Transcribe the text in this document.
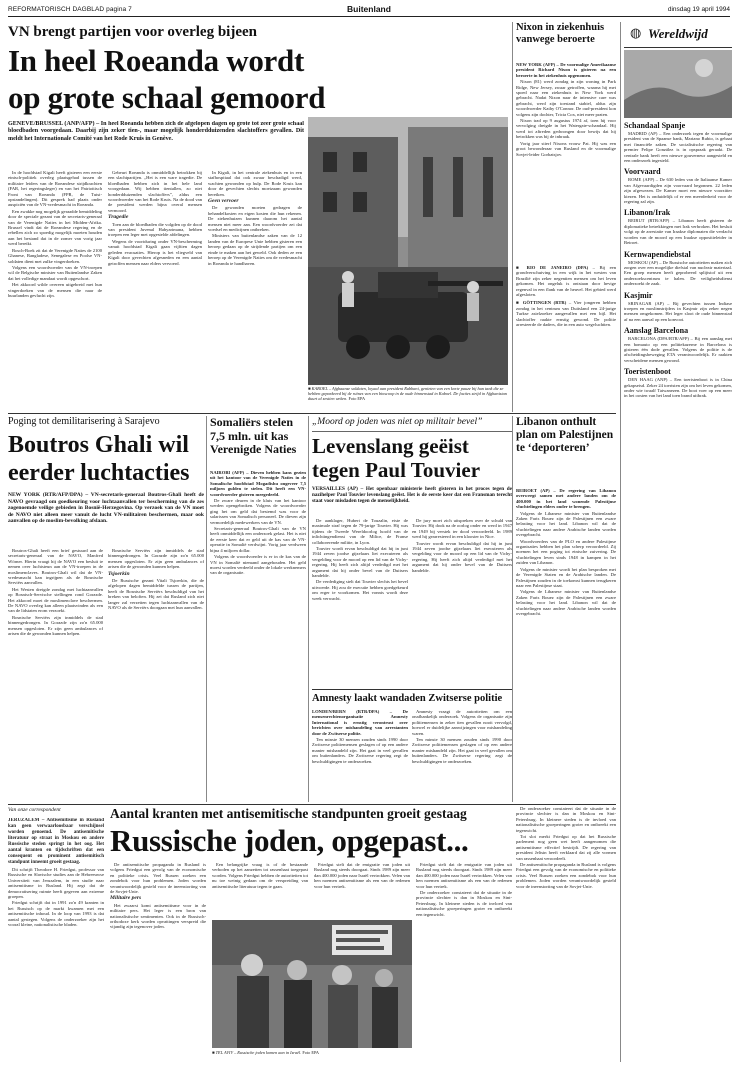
REFORMATORISCH DAGBLAD pagina 7	Buitenland	dinsdag 19 april 1994
VN brengt partijen voor overleg bijeen
In heel Roeanda wordt
op grote schaal gemoord
GENÈVE/BRUSSEL (ANP/AFP) – In heel Roeanda hebben zich de afgelopen dagen op grote tot zeer grote schaal bloedbaden voorgedaan. Daarbij zijn zeker tien-, maar mogelijk honderdduizenden slachtoffers gevallen. Dit meldt het Internationale Comité van het Rode Kruis in Genève.

In de hoofdstad Kigali heeft gisteren een eerste etnisch-politiek overleg plaatsgehad tussen de militaire leiders van de Roeandese strijdkrachten (FAR, het regeringsleger) en van het Patriottisch Front van Roeanda (FPR, de Tutsi-opstandelingen). Dit gesprek had plaats onder auspiciën van de VN-vredesmacht in Roeanda.

Een zwakke nog mogelijk geraadde bemiddeling door de speciale gezant van de secretaris-generaal van de Verenigde Naties in het Midden-Afrika. Brussel vindt dat de Roeandese regering en de rebellen zich zo spoedig mogelijk moeten houden aan het bestand dat in de zomer van vorig jaar werd bereikt.

Bosch-Boek zit dat de Verenigde Naties de 2100 Ghanese, Bangladese, Senegalese en Poolse VN-soldaten dient met zulke vingerdoeken.

Volgens een woordvoerder van de VN-troepen wil de Belgische minister van Buitenlandse Zaken dat het volledige mandaat wordt opgeschort.

Het akkoord wilde overeen uitgebreid met hun vingerdoeken van de mensen die naar de buurlanden gevlucht zijn.

Gebeurt Roeanda is onmiddellijk betrokken bij een slachtpartijen. „Het is een ware tragedie. De bloedbaden hebben zich in het hele land voorgedaan. Wij hebben tientallen, zo niet honderdduizenden slachtoffers”, aldus een woordvoerder van het Rode Kruis. Na de dood van de president werden bijna overal mensen vermoord.

Tragedie

Toen aan de bloedbaden die volgden op de dood van president Juvenal Habyarimana, hebben troepen een leger met opgestelde afdelingen.

Wegens de voortduring onder VN-bescherming vanuit hoofdstad Kigali gaan vijftien dagen geleden evacuaties. Hierop is het vliegveld van Kigali door gevechten afgesneden en een aantal getroffen mensen naar elders vervoerd.

In Kigali, in het centrale ziekenhuis en in een stafhospitaal dat ook zwaar beschadigd werd, wachten gewonden op hulp. De Rode Kruis kan door de gevechten slechts moeizaam gewonden bereiken.

Geen vervoer

De gewonden moeten gedragen de behandelkosten en eigen kosten die hun rekenen. De ziekenhuizen kunnen daarom het aantal mensen niet meer aan. Een woordvoerder zei dat voedsel en medicijnen ontbreken.

Ministers van buitenlandse zaken van de 12 landen van de Europese Unie hebben gisteren een beroep gedaan op de strijdende partijen om een einde te maken aan het geweld. Ook deden ze een beroep op de Verenigde Naties om de vredesmacht in Roeanda te handhaven.

■ KABOEL – Afghaanse soldaten, loyaal aan president Rabbani, genieten van een korte pauze bij hun tank die ze hebben geparkeerd bij de ruïnes van een bioscoop in de oude binnenstad in Kaboel. De facties strijd in Afghanistan duurt al zestien weken. Foto EPA
Nixon in ziekenhuis vanwege beroerte

NEW YORK (AFP) – De voormalige Amerikaanse president Richard Nixon is gisteren na een beroerte in het ziekenhuis opgenomen.

Nixon (81) werd zondag in zijn woning in Park Ridge, New Jersey, zwaar getroffen, waarna hij met spoed naar een ziekenhuis in New York werd gebracht. Nadat Nixon naar de intensive care was gebracht, werd zijn toestand stabiel, aldus zijn woordvoerder Kathy O'Connor. De oud-president kon volgens zijn dochter, Tricia Cox, niet meer praten.

Nixon trad op 9 augustus 1974 af, toen hij voor vervolging dreigde in het Watergate-schandaal. Hij werd tot aftreden gedwongen door bewijs dat hij betrokken was bij de inbraak.

Vorig jaar stierf Nixons vrouw Pat. Hij was een groot bewonderaar van Rusland en de voormalige Sovjet-leider Gorbatsjov.

■ RIO DE JANEIRO (DPA) – Bij een grondverschuiving in een wijk in het westen van Brazilië zijn zeker negentien mensen om het leven gekomen. Het ongeluk is ontstaan door hevige regenval in een flank van de heuvel. Het gebied werd afgesloten.

■ GÖTTINGEN (RTR) – Vier jongeren hebben zondag in het centrum van Duitsland een 24-jarige Turkse asielzoeker aangevallen met een bijl. Het slachtoffer raakte ernstig gewond. De politie arresteerde de daders, die in een auto wegvluchtten.

◍ Wereldwijd
Schandaal Spanje

MADRID (AP) – Een onderzoek tegen de voormalige president van de Spaanse bank, Mariano Rubio, is gebaat met financiële zaken. De socialistische regering van premier Felipe González is in opspraak geraakt. De centrale bank heeft een nieuwe gouverneur aangesteld en een onderzoek ingesteld.

Voorvaard

ROME (AFP) – De 630 leden van de Italiaanse Kamer van Afgevaardigden zijn voorvaard begonnen. 22 leden zijn afgewezen. De Kamer moet een nieuwe voorzitter kiezen. Het is onduidelijk of er een meerderheid voor de regering zal zijn.

Libanon/Irak

BEIRUT (RTR/AFP) – Libanon heeft gisteren de diplomatieke betrekkingen met Irak verbroken. Het besluit volgt op de arrestatie van Iraakse diplomaten die verdacht worden van de moord op een Iraakse oppositieleider in Beiroet.

Kernwapendiebstal

MOSKOU (AP) – De Russische autoriteiten maken zich zorgen over een mogelijke diefstal van nucleair materiaal. Een groep mensen heeft geprobeerd splijtstof uit een onderzoekscentrum te halen. De veiligheidsdienst onderzoekt de zaak.

Kasjmir

SRINAGAR (AP) – Bij gevechten tussen Indiase troepen en moslimstrijders in Kasjmir zijn zeker negen mensen omgekomen. Het leger sloot de oude binnenstad af na een aanval op een konvooi.

Aanslag Barcelona

BARCELONA (DPA/RTR/AFP) – Bij een aanslag met een bomauto op een politiekazerne in Barcelona is gisteren één dode gevallen. Volgens de politie is de afscheidingsbeweging ETA verantwoordelijk. Er raakten verscheidene mensen gewond.

Toeristenboot

DEN HAAG (ANP) – Een toeristenboot is in China gekapseisd. Zeker 24 toeristen zijn om het leven gekomen, onder wie twaalf Taiwanezen. De boot voer op een meer in het oosten van het land toen brand uitbrak.

Poging tot demilitarisering à Sarajevo
Boutros Ghali wil eerder luchtacties
NEW YORK (RTR/AFP/DPA) – VN-secretaris-generaal Boutros-Ghali heeft de NAVO gevraagd om goedkeuring voor luchtaanvallen ter bescherming van de zes zogenoemde veilige gebieden in Bosnië-Herzegovina. Op verzoek van de VN moet de NAVO niet alleen meer vanuit de lucht VN-militairen beschermen, maar ook aanvallen op de moslim-bevolking afslaan.

Boutros-Ghali heeft een brief gestuurd aan de secretaris-generaal van de NAVO, Manfred Wörner. Hierin vraagt hij de NAVO een besluit te nemen over luchtsteun aan de VN-troepen in de moslimenclaves. Boutros-Ghali wil dat de VN-vredesmacht kan ingrijpen als de Bosnische Serviërs aanvallen.

Het Westen dreigde zondag met luchtaanvallen op Bosnisch-Servische stellingen rond Gorazde. Het akkoord moet de moslimenclave beschermen. De NAVO overleg kan alleen plaatsvinden als een van de lidstaten erom verzoekt.

Bosnische Serviërs zijn inmiddels de stad binnengedrongen. In Gorazde zijn zo'n 65.000 mensen opgesloten. Er zijn geen ambulances of artsen die de gewonden kunnen helpen.

Bosnische Serviërs zijn inmiddels de stad binnengedrongen. In Gorazde zijn zo'n 65.000 mensen opgesloten. Er zijn geen ambulances of artsen die de gewonden kunnen helpen.

Tsjoerkin

De Russische gezant Vitali Tsjoerkin, die de afgelopen dagen bemiddelde tussen de partijen, heeft de Bosnische Serviërs beschuldigd van het breken van beloften. Hij zei dat Rusland zich niet langer zal verzetten tegen luchtaanvallen van de NAVO als de Serviërs doorgaan met hun aanvallen.

Somaliërs stelen 7,5 mln. uit kas Verenigde Naties

NAIROBI (AFP) – Dieven hebben kans gezien uit het kantoor van de Verenigde Naties in de Somalische hoofdstad Mogadishu ongeveer 7,5 miljoen gulden te stelen. Dit heeft een VN-woordvoerder gisteren meegedeeld.

De zware deuren in de kluis van het kantoor werden opengebroken. Volgens de woordvoerder ging het om geld dat bestemd was voor de salarissen van Somalisch personeel. De dieven zijn vermoedelijk medewerkers van de VN.

Secretaris-generaal Boutros-Ghali van de VN heeft onmiddellijk een onderzoek gelast. Het is niet de eerste keer dat er geld uit de kas van de VN-operatie in Somalië verdwijnt. Vorig jaar verdween bijna 4 miljoen dollar.

Volgens de woordvoerder is er in de kas van de VN in Somalië niemand aangehouden. Het geld moest worden verdeeld onder de lokale werknemers van de organisatie.

„Moord op joden was niet op militair bevel”
Levenslang geëist tegen Paul Touvier
VERSAILLES (AP) – Het openbaar ministerie heeft gisteren in het proces tegen de nazihelper Paul Touvier levenslang geëist. Het is de eerste keer dat een Fransman terecht staat voor misdaden tegen de menselijkheid.

De aanklager, Hubert de Touzalin, eiste de maximale straf tegen de 79-jarige Touvier. Hij was tijdens de Tweede Wereldoorlog hoofd van de inlichtingendienst van de Milice, de Franse collaborerende militie, in Lyon.

Touvier wordt ervan beschuldigd dat hij in juni 1944 zeven joodse gijzelaars liet executeren als vergelding voor de moord op een lid van de Vichy-regering. Hij heeft zich altijd verdedigd met het argument dat hij onder bevel van de Duitsers handelde.

De verdediging stelt dat Touvier slechts het bevel uitvoerde. Hij zou de executie hebben goedgekeurd om erger te voorkomen. Het vonnis wordt deze week verwacht.

De jury moet zich uitspreken over de schuld van Touvier. Hij dook na de oorlog onder en werd in 1947 en 1949 bij verstek ter dood veroordeeld. In 1989 werd hij gearresteerd in een klooster in Nice.

Touvier wordt ervan beschuldigd dat hij in juni 1944 zeven joodse gijzelaars liet executeren als vergelding voor de moord op een lid van de Vichy-regering. Hij heeft zich altijd verdedigd met het argument dat hij onder bevel van de Duitsers handelde.

Amnesty laakt wandaden Zwitserse politie

LONDEN/BERN (RTR/DPA) – De mensenrechtenorganisatie Amnesty International is ernstig verontrust over berichten over mishandeling van arrestanten door de Zwitserse politie.

Ten minste 30 mensen zouden sinds 1990 door Zwitserse politiemensen geslagen of op een andere manier mishandeld zijn. Het gaat in veel gevallen om buitenlanders. De Zwitserse regering zegt de beschuldigingen te onderzoeken.

Amnesty vraagt de autoriteiten om een onafhankelijk onderzoek. Volgens de organisatie zijn politiemensen in zeker tien gevallen nooit vervolgd, hoewel er duidelijke aanwijzingen voor mishandeling waren.

Ten minste 30 mensen zouden sinds 1990 door Zwitserse politiemensen geslagen of op een andere manier mishandeld zijn. Het gaat in veel gevallen om buitenlanders. De Zwitserse regering zegt de beschuldigingen te onderzoeken.

Libanon onthult plan om Palestijnen te ‘deporteren’

BEIROET (AP) – De regering van Libanon overweegt samen met andere landen om de 400.000 in het land wonende Palestijnse vluchtelingen elders onder te brengen.

Volgens de Libanese minister van Buitenlandse Zaken Faris Bouez zijn de Palestijnen een zware belasting voor het land. Libanon wil dat de vluchtelingen naar andere Arabische landen worden overgebracht.

Woordvoerders van de PLO en andere Palestijnse organisaties hebben het plan scherp veroordeeld. Zij noemen het een poging tot etnische zuivering. De vluchtelingen leven sinds 1948 in kampen in het zuiden van Libanon.

Volgens de minister wordt het plan besproken met de Verenigde Staten en de Arabische landen. De Palestijnen zouden in de toekomst kunnen terugkeren naar een Palestijnse staat.

Volgens de Libanese minister van Buitenlandse Zaken Faris Bouez zijn de Palestijnen een zware belasting voor het land. Libanon wil dat de vluchtelingen naar andere Arabische landen worden overgebracht.

Van onze correspondent	Aantal kranten met antisemitische standpunten groeit gestaag
Russische joden, opgepast...

JERUZALEM – Antisemitisme in Rusland kan geen verwaarloosbaar verschijnsel worden genoemd. De antisemitische literatuur op straat in Moskou en andere Russische steden springt in het oog. Het aantal kranten en tijdschriften dat een consequent en prominent antisemitisch standpunt inneemt groeit gestaag.

Dit schrijft Theodore H. Friedgut, professor van Russische en Slavische studies aan de Hebreeuwse Universiteit van Jeruzalem, in een studie naar antisemitisme in Rusland. Hij zegt dat de democratisering ruimte heeft gegeven aan extreme groepen.

Friedgut schrijft dat in 1991 zo'n 49 kranten in het Russisch op de markt kwamen met een antisemitische inhoud. In de loop van 1993 is dat aantal gestegen. Volgens de onderzoeker zijn het vooral kleine, nationalistische bladen.

De antisemitische propaganda in Rusland is volgens Friedgut een gevolg van de economische en politieke crisis. Veel Russen zoeken een zondebok voor hun problemen. Joden worden verantwoordelijk gesteld voor de ineenstorting van de Sovjet-Unie.

Militaire pers

Het zwaarst komt antisemitisme voor in de militaire pers. Het leger is een bron van nationalistische sentimenten. Ook in de Russisch-orthodoxe kerk worden opvattingen verspreid die vijandig zijn tegenover joden.

Een belangrijke vraag is of de bestaande verboden op het aanzetten tot rassenhaat toegepast worden. Volgens Friedgut hebben de autoriteiten tot nu toe weinig gedaan om de verspreiding van antisemitische literatuur tegen te gaan.

■ TEL AVIV – Russische joden komen aan in Israël. Foto EPA

Friedgut stelt dat de emigratie van joden uit Rusland nog steeds doorgaat. Sinds 1989 zijn meer dan 400.000 joden naar Israël vertrokken. Velen van hen noemen antisemitisme als een van de redenen voor hun vertrek.

Friedgut stelt dat de emigratie van joden uit Rusland nog steeds doorgaat. Sinds 1989 zijn meer dan 400.000 joden naar Israël vertrokken. Velen van hen noemen antisemitisme als een van de redenen voor hun vertrek.

De onderzoeker constateert dat de situatie in de provincie slechter is dan in Moskou en Sint-Petersburg. In kleinere steden is de invloed van nationalistische groeperingen groter en ontbreekt een tegenwicht.

De onderzoeker constateert dat de situatie in de provincie slechter is dan in Moskou en Sint-Petersburg. In kleinere steden is de invloed van nationalistische groeperingen groter en ontbreekt een tegenwicht.

Tot slot merkt Friedgut op dat het Russische parlement nog geen wet heeft aangenomen die antisemitisme effectief bestrijdt. De regering van president Jeltsin heeft verklaard dat zij alle vormen van rassenhaat veroordeelt.

De antisemitische propaganda in Rusland is volgens Friedgut een gevolg van de economische en politieke crisis. Veel Russen zoeken een zondebok voor hun problemen. Joden worden verantwoordelijk gesteld voor de ineenstorting van de Sovjet-Unie.
